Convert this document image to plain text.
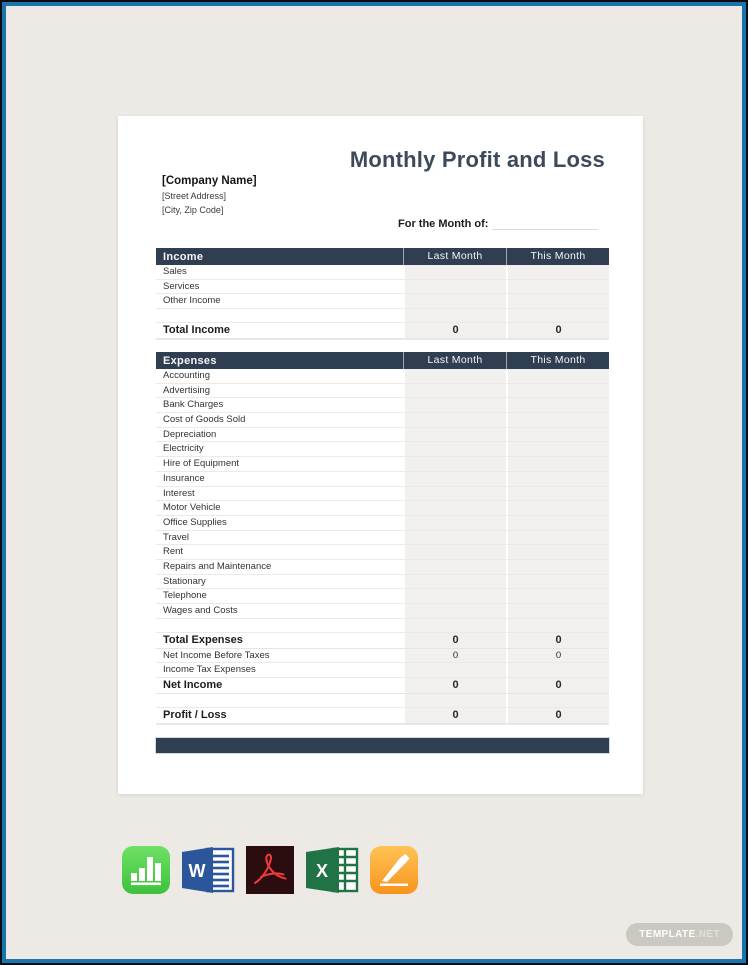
Monthly Profit and Loss
[Company Name]
[Street Address]
[City, Zip Code]
For the Month of:
Income	Last Month	This Month
Sales
Services
Other Income
Total Income	0	0
Expenses	Last Month	This Month
Accounting
Advertising
Bank Charges
Cost of Goods Sold
Depreciation
Electricity
Hire of Equipment
Insurance
Interest
Motor Vehicle
Office Supplies
Travel
Rent
Repairs and Maintenance
Stationary
Telephone
Wages and Costs
Total Expenses	0	0
Net Income Before Taxes	0	0
Income Tax Expenses
Net Income	0	0
Profit / Loss	0	0
W	X
TEMPLATE .NET
